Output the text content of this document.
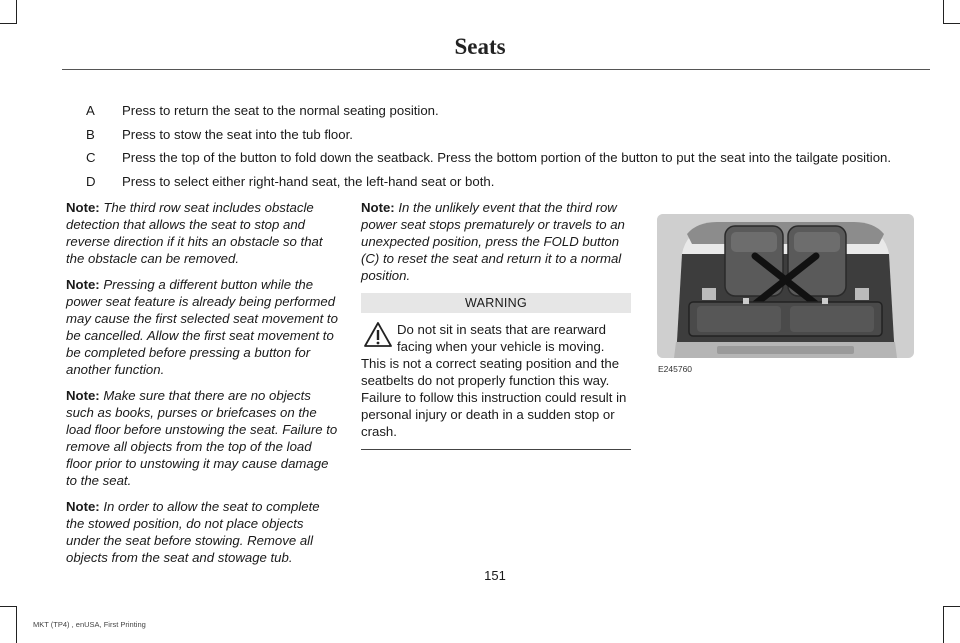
Seats
A	Press to return the seat to the normal seating position.
B	Press to stow the seat into the tub floor.
C	Press the top of the button to fold down the seatback. Press the bottom portion of the button to put the seat into the tailgate position.
D	Press to select either right-hand seat, the left-hand seat or both.

Note: The third row seat includes obstacle detection that allows the seat to stop and reverse direction if it hits an obstacle so that the obstacle can be removed.

Note: Pressing a different button while the power seat feature is already being performed may cause the first selected seat movement to be cancelled. Allow the first seat movement to be completed before pressing a button for another function.

Note: Make sure that there are no objects such as books, purses or briefcases on the load floor before unstowing the seat. Failure to remove all objects from the top of the load floor prior to unstowing it may cause damage to the seat.

Note: In order to allow the seat to complete the stowed position, do not place objects under the seat before stowing. Remove all objects from the seat and stowage tub.

Note: In the unlikely event that the third row power seat stops prematurely or travels to an unexpected position, press the FOLD button (C) to reset the seat and return it to a normal position.

WARNING
Do not sit in seats that are rearward facing when your vehicle is moving. This is not a correct seating position and the seatbelts do not properly function this way. Failure to follow this instruction could result in personal injury or death in a sudden stop or crash.
E245760
151
MKT (TP4) , enUSA, First Printing
